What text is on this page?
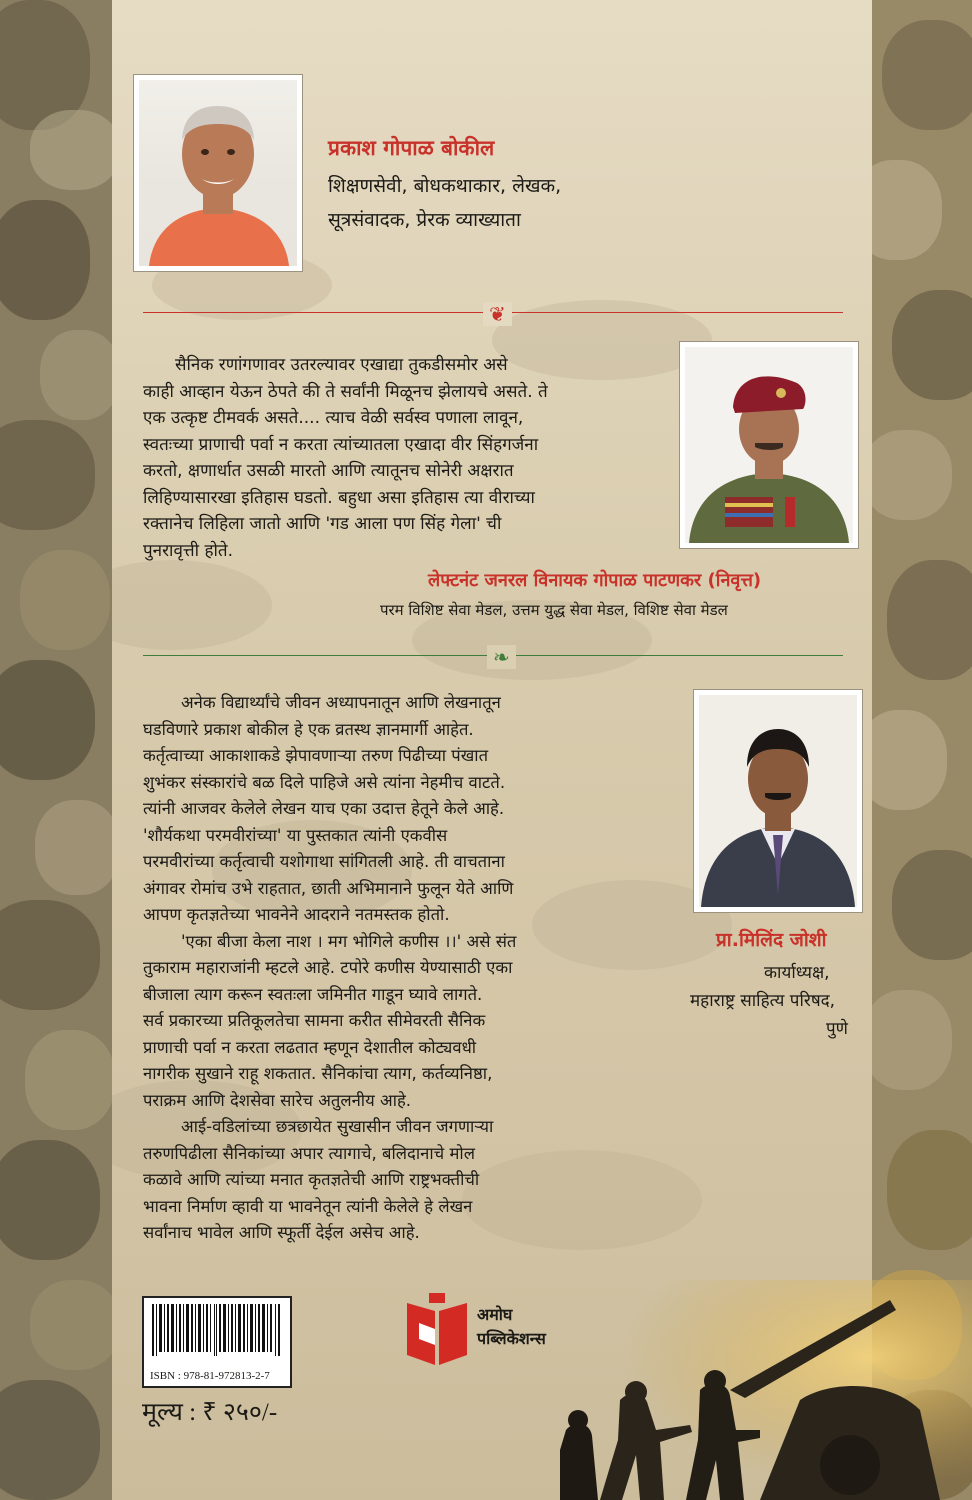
प्रकाश गोपाळ बोकील
शिक्षणसेवी, बोधकथाकार, लेखक,
सूत्रसंवादक, प्रेरक व्याख्याता
❦
सैनिक रणांगणावर उतरल्यावर एखाद्या तुकडीसमोर असे
काही आव्हान येऊन ठेपते की ते सर्वांनी मिळूनच झेलायचे असते. ते
एक उत्कृष्ट टीमवर्क असते.... त्याच वेळी सर्वस्व पणाला लावून,
स्वतःच्या प्राणाची पर्वा न करता त्यांच्यातला एखादा वीर सिंहगर्जना
करतो, क्षणार्धात उसळी मारतो आणि त्यातूनच सोनेरी अक्षरात
लिहिण्यासारखा इतिहास घडतो. बहुधा असा इतिहास त्या वीराच्या
रक्तानेच लिहिला जातो आणि 'गड आला पण सिंह गेला' ची
पुनरावृत्ती होते.
लेफ्टनंट जनरल विनायक गोपाळ पाटणकर (निवृत्त)
परम विशिष्ट सेवा मेडल, उत्तम युद्ध सेवा मेडल, विशिष्ट सेवा मेडल
❧
अनेक विद्यार्थ्यांचे जीवन अध्यापनातून आणि लेखनातून
घडविणारे प्रकाश बोकील हे एक व्रतस्थ ज्ञानमार्गी आहेत.
कर्तृत्वाच्या आकाशाकडे झेपावणाऱ्या तरुण पिढीच्या पंखात
शुभंकर संस्कारांचे बळ दिले पाहिजे असे त्यांना नेहमीच वाटते.
त्यांनी आजवर केलेले लेखन याच एका उदात्त हेतूने केले आहे.
'शौर्यकथा परमवीरांच्या' या पुस्तकात त्यांनी एकवीस
परमवीरांच्या कर्तृत्वाची यशोगाथा सांगितली आहे. ती वाचताना
अंगावर रोमांच उभे राहतात, छाती अभिमानाने फुलून येते आणि
आपण कृतज्ञतेच्या भावनेने आदराने नतमस्तक होतो.
'एका बीजा केला नाश । मग भोगिले कणीस ।।' असे संत
तुकाराम महाराजांनी म्हटले आहे. टपोरे कणीस येण्यासाठी एका
बीजाला त्याग करून स्वतःला जमिनीत गाडून घ्यावे लागते.
सर्व प्रकारच्या प्रतिकूलतेचा सामना करीत सीमेवरती सैनिक
प्राणाची पर्वा न करता लढतात म्हणून देशातील कोट्यवधी
नागरीक सुखाने राहू शकतात. सैनिकांचा त्याग, कर्तव्यनिष्ठा,
पराक्रम आणि देशसेवा सारेच अतुलनीय आहे.
आई-वडिलांच्या छत्रछायेत सुखासीन जीवन जगणाऱ्या
तरुणपिढीला सैनिकांच्या अपार त्यागाचे, बलिदानाचे मोल
कळावे आणि त्यांच्या मनात कृतज्ञतेची आणि राष्ट्रभक्तीची
भावना निर्माण व्हावी या भावनेतून त्यांनी केलेले हे लेखन
सर्वांनाच भावेल आणि स्फूर्ती देईल असेच आहे.
प्रा.मिलिंद जोशी
कार्याध्यक्ष,
महाराष्ट्र साहित्य परिषद,
पुणे
ISBN : 978-81-972813-2-7
मूल्य : ₹ २५०/-
अमोघ
पब्लिकेशन्स
